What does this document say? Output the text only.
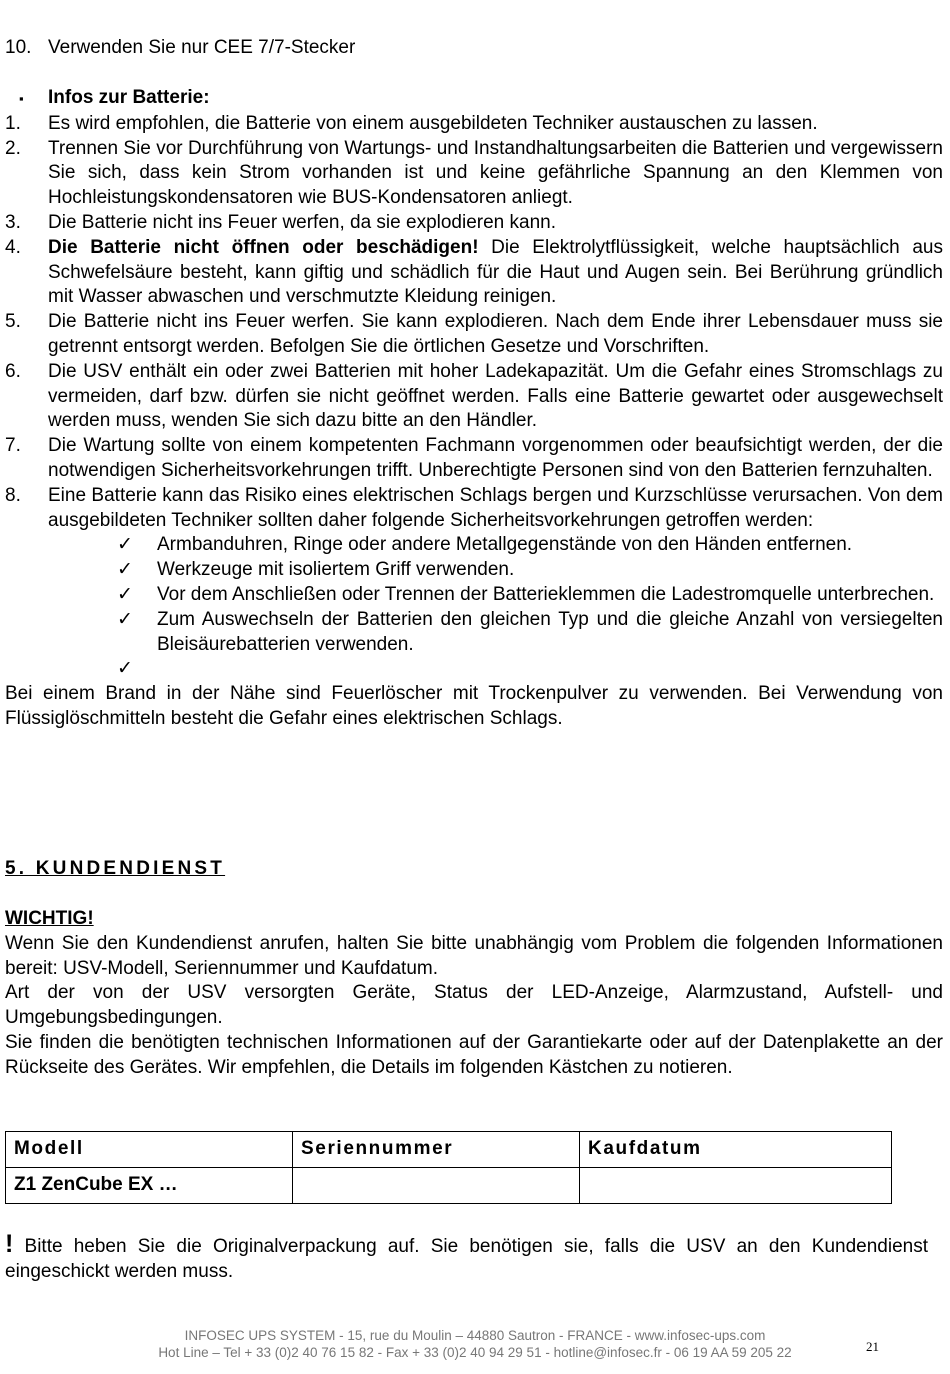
10. Verwenden Sie nur CEE 7/7-Stecker
▪	Infos zur Batterie:
1.	Es wird empfohlen, die Batterie von einem ausgebildeten Techniker austauschen zu lassen.
2.	Trennen Sie vor Durchführung von Wartungs- und Instandhaltungsarbeiten die Batterien und vergewissern Sie sich, dass kein Strom vorhanden ist und keine gefährliche Spannung an den Klemmen von Hochleistungskondensatoren wie BUS-Kondensatoren anliegt.
3.	Die Batterie nicht ins Feuer werfen, da sie explodieren kann.
4.	Die Batterie nicht öffnen oder beschädigen! Die Elektrolytflüssigkeit, welche hauptsächlich aus Schwefelsäure besteht, kann giftig und schädlich für die Haut und Augen sein. Bei Berührung gründlich mit Wasser abwaschen und verschmutzte Kleidung reinigen.
5.	Die Batterie nicht ins Feuer werfen. Sie kann explodieren. Nach dem Ende ihrer Lebensdauer muss sie getrennt entsorgt werden. Befolgen Sie die örtlichen Gesetze und Vorschriften.
6.	Die USV enthält ein oder zwei Batterien mit hoher Ladekapazität. Um die Gefahr eines Stromschlags zu vermeiden, darf bzw. dürfen sie nicht geöffnet werden. Falls eine Batterie gewartet oder ausgewechselt werden muss, wenden Sie sich dazu bitte an den Händler.
7.	Die Wartung sollte von einem kompetenten Fachmann vorgenommen oder beaufsichtigt werden, der die notwendigen Sicherheitsvorkehrungen trifft. Unberechtigte Personen sind von den Batterien fernzuhalten.
8.	Eine Batterie kann das Risiko eines elektrischen Schlags bergen und Kurzschlüsse verursachen. Von dem ausgebildeten Techniker sollten daher folgende Sicherheitsvorkehrungen getroffen werden:
✓	Armbanduhren, Ringe oder andere Metallgegenstände von den Händen entfernen.
✓	Werkzeuge mit isoliertem Griff verwenden.
✓	Vor dem Anschließen oder Trennen der Batterieklemmen die Ladestromquelle unterbrechen.
✓	Zum Auswechseln der Batterien den gleichen Typ und die gleiche Anzahl von versiegelten Bleisäurebatterien verwenden.
✓

Bei einem Brand in der Nähe sind Feuerlöscher mit Trockenpulver zu verwenden. Bei Verwendung von Flüssiglöschmitteln besteht die Gefahr eines elektrischen Schlags.

5. KUNDENDIENST

WICHTIG!

Wenn Sie den Kundendienst anrufen, halten Sie bitte unabhängig vom Problem die folgenden Informationen bereit: USV-Modell, Seriennummer und Kaufdatum.

Art der von der USV versorgten Geräte, Status der LED-Anzeige, Alarmzustand, Aufstell- und Umgebungsbedingungen.

Sie finden die benötigten technischen Informationen auf der Garantiekarte oder auf der Datenplakette an der Rückseite des Gerätes. Wir empfehlen, die Details im folgenden Kästchen zu notieren.

Modell	Seriennummer	Kaufdatum
Z1 ZenCube EX …		

! Bitte heben Sie die Originalverpackung auf. Sie benötigen sie, falls die USV an den Kundendienst eingeschickt werden muss.

INFOSEC UPS SYSTEM - 15, rue du Moulin – 44880 Sautron - FRANCE - www.infosec-ups.com
Hot Line – Tel + 33 (0)2 40 76 15 82 - Fax + 33 (0)2 40 94 29 51 - hotline@infosec.fr - 06 19 AA 59 205 22	21
